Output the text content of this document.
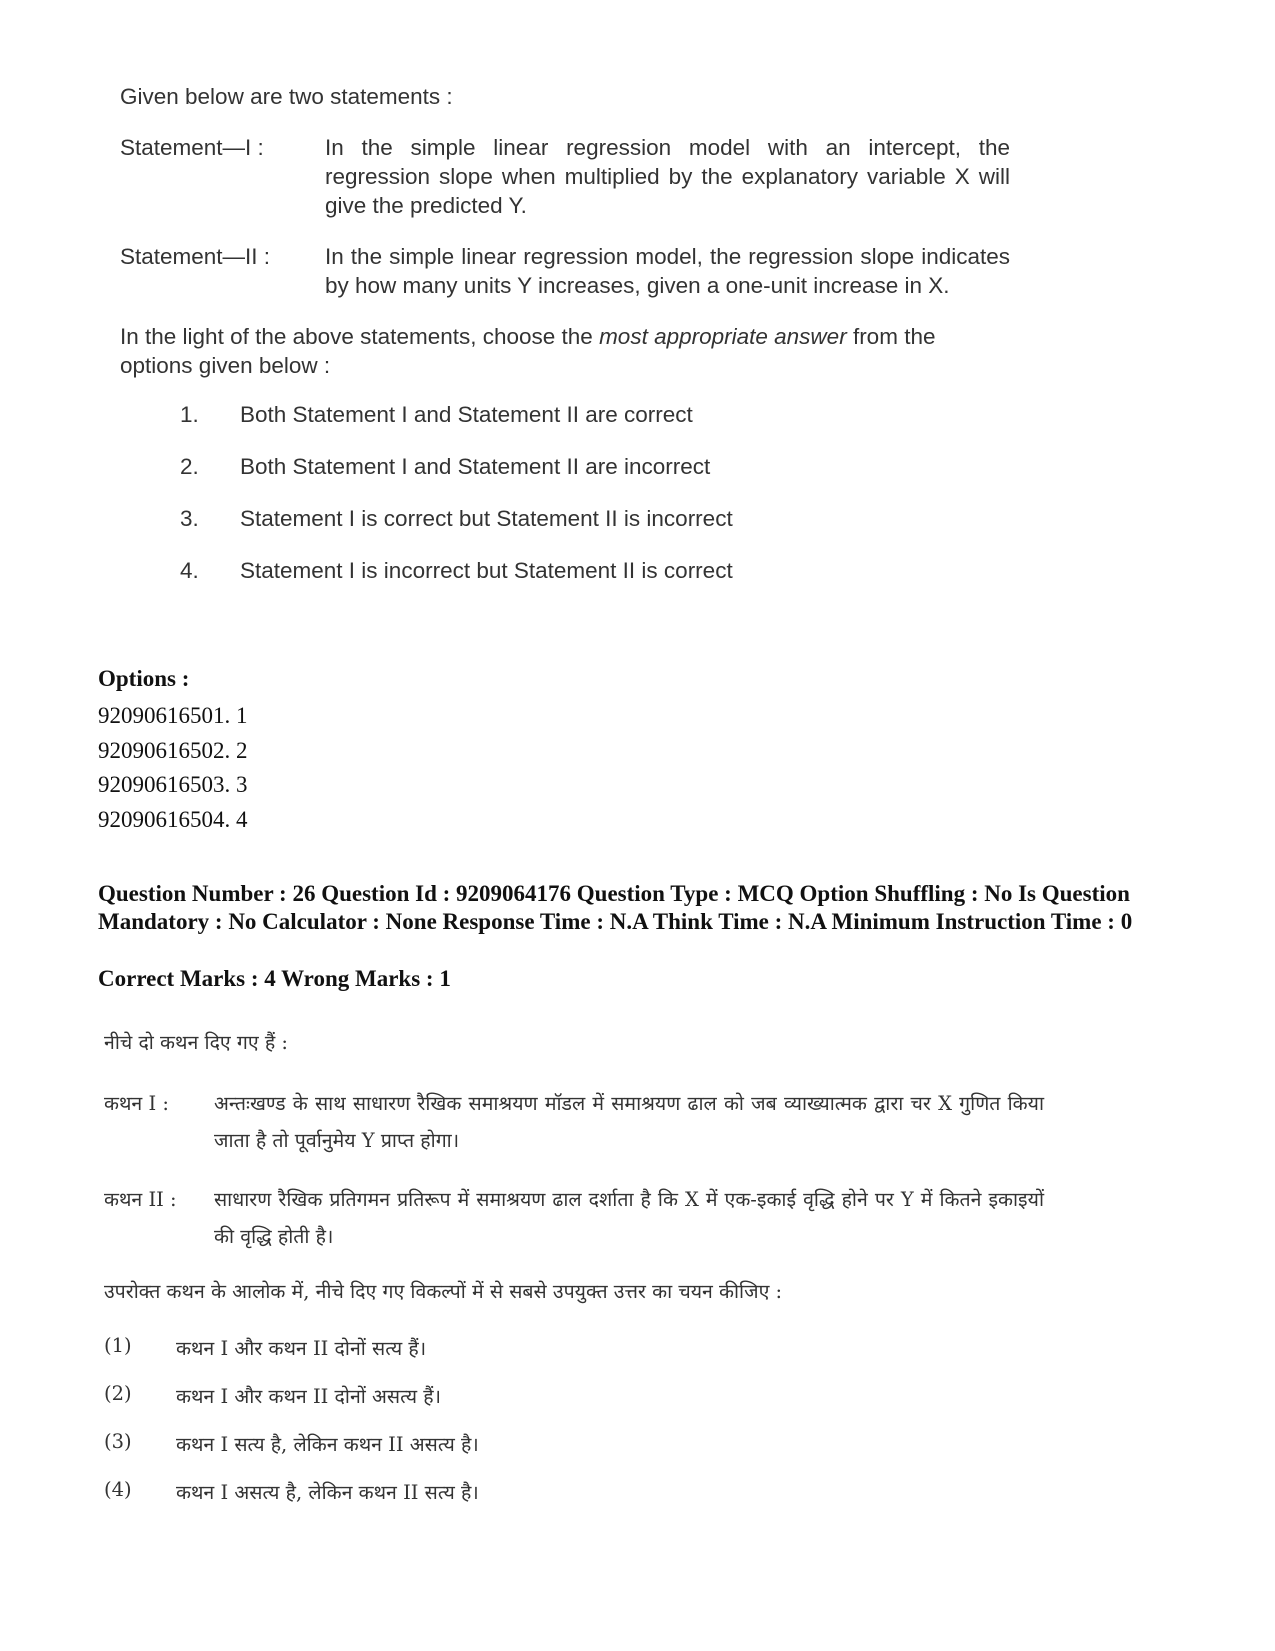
Given below are two statements :

Statement—I :	In the simple linear regression model with an intercept, the regression slope when multiplied by the explanatory variable X will give the predicted Y.
Statement—II :	In the simple linear regression model, the regression slope indicates by how many units Y increases, given a one-unit increase in X.

In the light of the above statements, choose the most appropriate answer from the options given below :

1.	Both Statement I and Statement II are correct
2.	Both Statement I and Statement II are incorrect
3.	Statement I is correct but Statement II is incorrect
4.	Statement I is incorrect but Statement II is correct
Options :
92090616501. 1
92090616502. 2
92090616503. 3
92090616504. 4
Question Number : 26 Question Id : 9209064176 Question Type : MCQ Option Shuffling : No Is Question Mandatory : No Calculator : None Response Time : N.A Think Time : N.A Minimum Instruction Time : 0
Correct Marks : 4 Wrong Marks : 1

नीचे दो कथन दिए गए हैं :

कथन I :	अन्तःखण्ड के साथ साधारण रैखिक समाश्रयण मॉडल में समाश्रयण ढाल को जब व्याख्यात्मक द्वारा चर X गुणित किया जाता है तो पूर्वानुमेय Y प्राप्त होगा।
कथन II :	साधारण रैखिक प्रतिगमन प्रतिरूप में समाश्रयण ढाल दर्शाता है कि X में एक-इकाई वृद्धि होने पर Y में कितने इकाइयों की वृद्धि होती है।

उपरोक्त कथन के आलोक में, नीचे दिए गए विकल्पों में से सबसे उपयुक्त उत्तर का चयन कीजिए :

(1)	कथन I और कथन II दोनों सत्य हैं।
(2)	कथन I और कथन II दोनों असत्य हैं।
(3)	कथन I सत्य है, लेकिन कथन II असत्य है।
(4)	कथन I असत्य है, लेकिन कथन II सत्य है।
